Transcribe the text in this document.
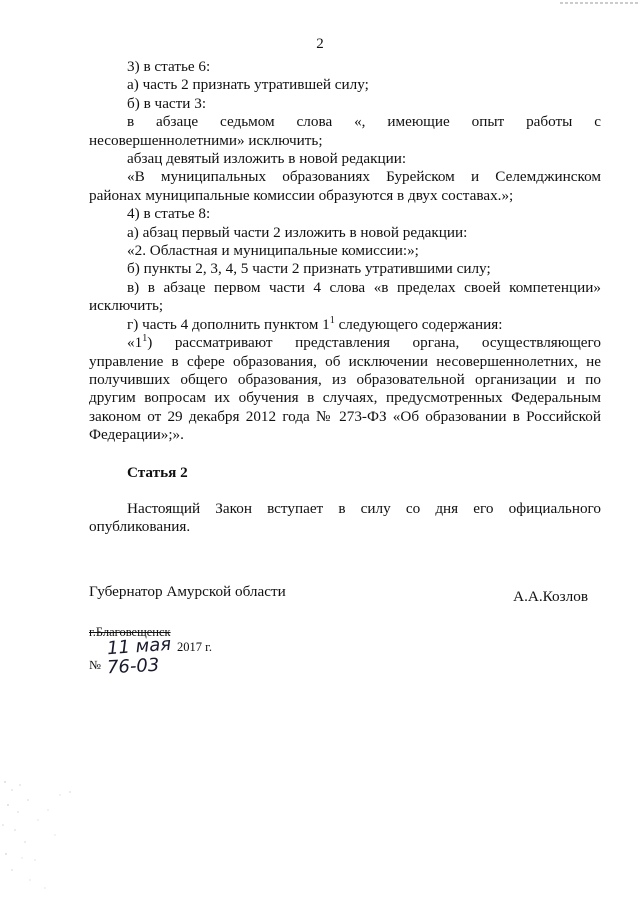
2

3) в статье 6:

а) часть 2 признать утратившей силу;

б) в части 3:

в абзаце седьмом слова «, имеющие опыт работы с

несовершеннолетними» исключить;

абзац девятый изложить в новой редакции:

«В муниципальных образованиях Бурейском и Селемджинском

районах муниципальные комиссии образуются в двух составах.»;

4) в статье 8:

а) абзац первый части 2 изложить в новой редакции:

«2. Областная и муниципальные комиссии:»;

б) пункты 2, 3, 4, 5 части 2 признать утратившими силу;

в) в абзаце первом части 4 слова «в пределах своей компетенции»

исключить;

г) часть 4 дополнить пунктом $1^1$ следующего содержания:

«$1^1$) рассматривают представления органа, осуществляющего

управление в сфере образования, об исключении несовершеннолетних, не

получивших общего образования, из образовательной организации и по

другим вопросам их обучения в случаях, предусмотренных Федеральным

законом от 29 декабря 2012 года № 273-ФЗ «Об образовании в Российской

Федерации»;».

Статья 2

Настоящий Закон вступает в силу со дня его официального

опубликования.

Губернатор Амурской области	А.А.Козлов
г.Благовещенск
11 мая 2017 г.
№ 76-03
